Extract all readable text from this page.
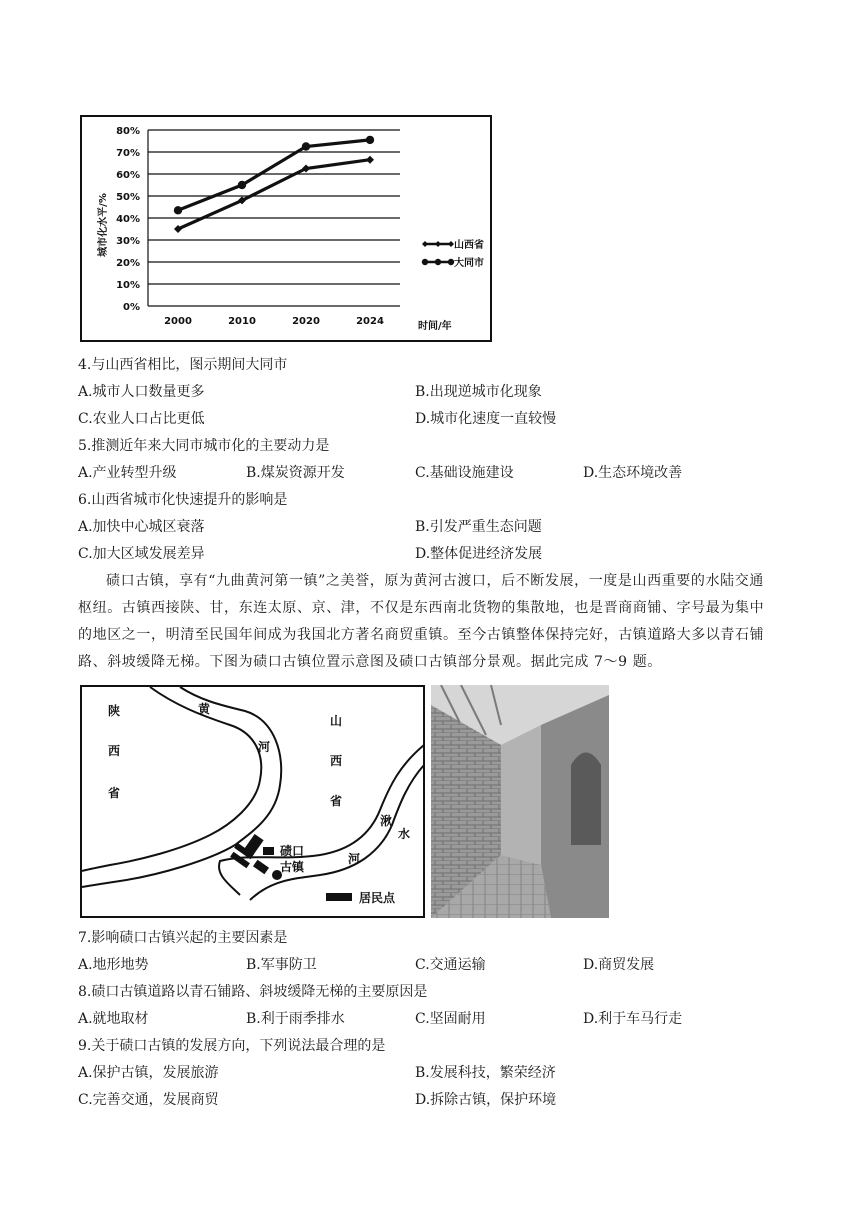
0%
10%
20%
30%
40%
50%
60%
70%
80%
2000	2010	2020	2024	时间/年
城市化水平/%	山西省
大同市
4.与山西省相比，图示期间大同市
A.城市人口数量更多	B.出现逆城市化现象
C.农业人口占比更低	D.城市化速度一直较慢
5.推测近年来大同市城市化的主要动力是
A.产业转型升级	B.煤炭资源开发	C.基础设施建设	D.生态环境改善
6.山西省城市化快速提升的影响是
A.加快中心城区衰落	B.引发严重生态问题
C.加大区域发展差异	D.整体促进经济发展
碛口古镇，享有“九曲黄河第一镇”之美誉，原为黄河古渡口，后不断发展，一度是山西重要的水陆交通枢纽。古镇西接陕、甘，东连太原、京、津，不仅是东西南北货物的集散地，也是晋商商铺、字号最为集中的地区之一，明清至民国年间成为我国北方著名商贸重镇。至今古镇整体保持完好，古镇道路大多以青石铺路、斜坡缓降无梯。下图为碛口古镇位置示意图及碛口古镇部分景观。据此完成 7～9 题。
陕
西
省
黄
河
山
西
省
湫
水
河
碛口
古镇
居民点
7.影响碛口古镇兴起的主要因素是
A.地形地势	B.军事防卫	C.交通运输	D.商贸发展
8.碛口古镇道路以青石铺路、斜坡缓降无梯的主要原因是
A.就地取材	B.利于雨季排水	C.坚固耐用	D.利于车马行走
9.关于碛口古镇的发展方向，下列说法最合理的是
A.保护古镇，发展旅游	B.发展科技，繁荣经济
C.完善交通，发展商贸	D.拆除古镇，保护环境
